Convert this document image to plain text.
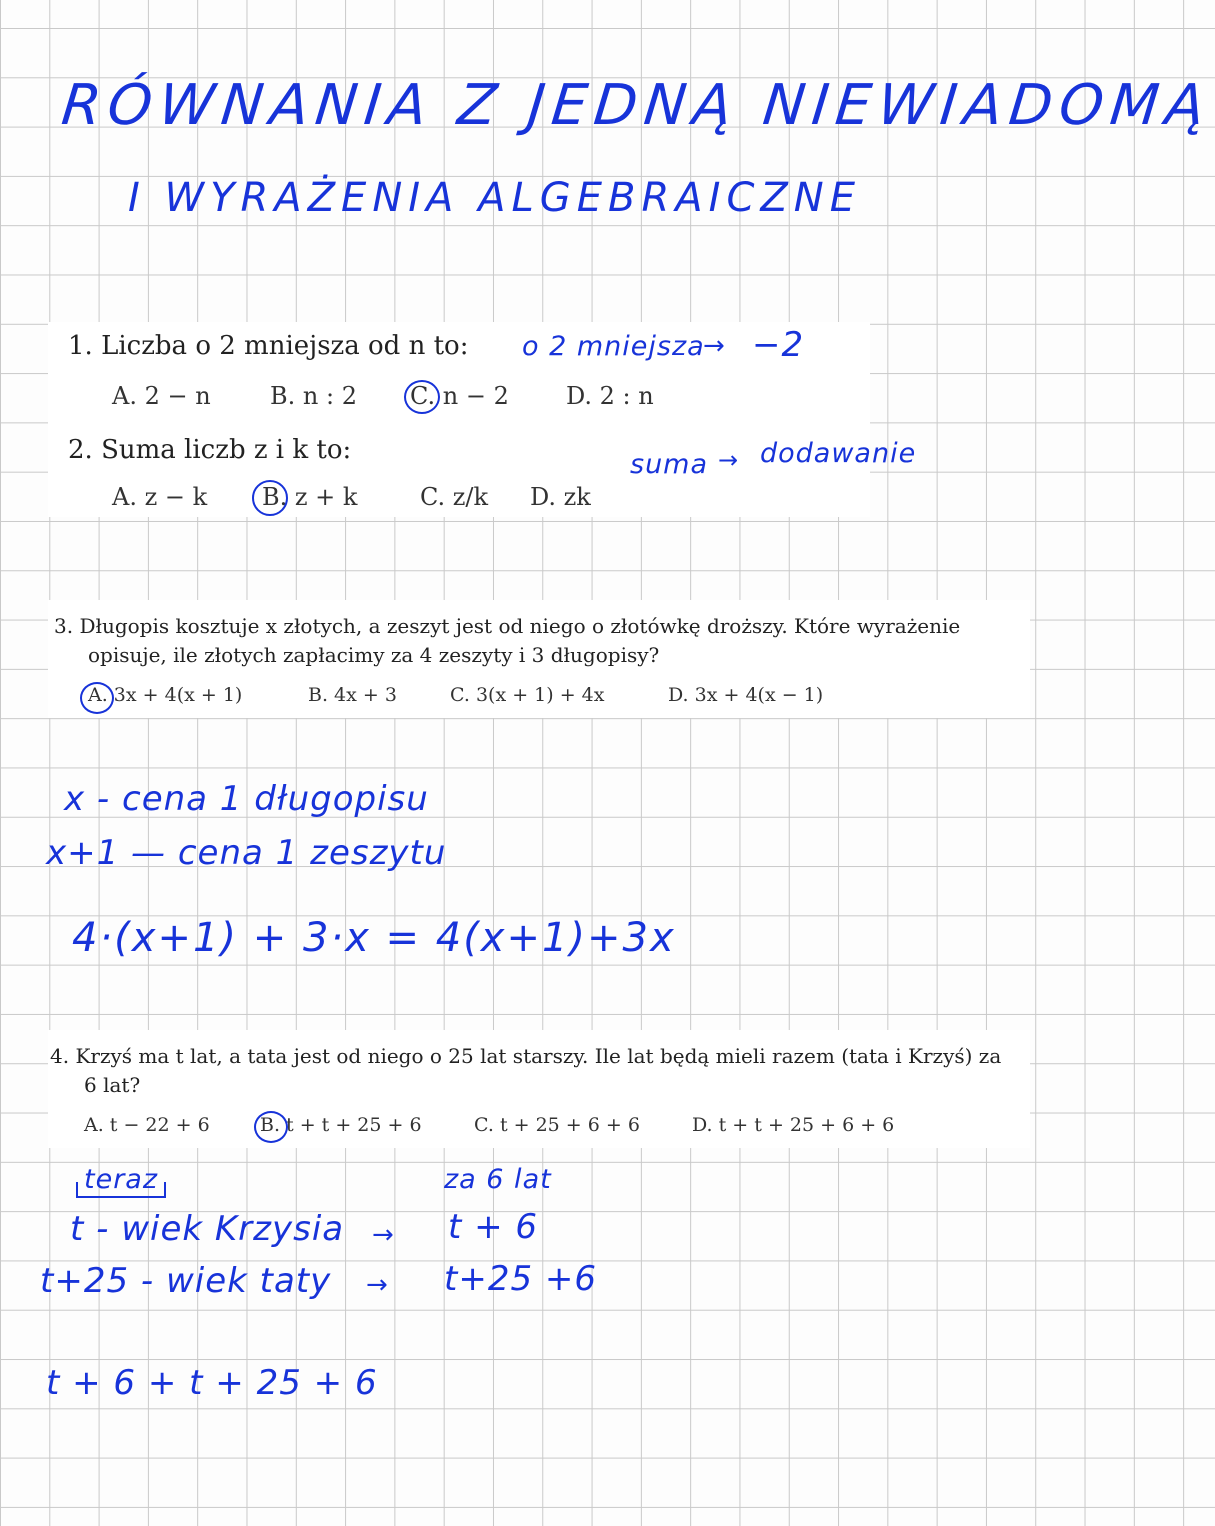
RÓWNANIA Z JEDNĄ NIEWIADOMĄ
I WYRAŻENIA ALGEBRAICZNE
1. Liczba o 2 mniejsza od n to:
A. 2 − n B. n : 2 C. n − 2 D. 2 : n
o 2 mniejsza
→ −2
2. Suma liczb z i k to:
A. z − k B. z + k	C. z/k D. zk
suma → dodawanie
3. Długopis kosztuje x złotych, a zeszyt jest od niego o złotówkę droższy. Które wyrażenie
opisuje, ile złotych zapłacimy za 4 zeszyty i 3 długopisy?
A. 3x + 4(x + 1)	B. 4x + 3	C. 3(x + 1) + 4x	D. 3x + 4(x − 1)
x - cena 1 długopisu
x+1 — cena 1 zeszytu
4·(x+1) + 3·x = 4(x+1)+3x
4. Krzyś ma t lat, a tata jest od niego o 25 lat starszy. Ile lat będą mieli razem (tata i Krzyś) za
6 lat?
A. t − 22 + 6	B. t + t + 25 + 6	C. t + 25 + 6 + 6	D. t + t + 25 + 6 + 6
teraz	za 6 lat
t - wiek Krzysia → t + 6
t+25 - wiek taty → t+25 +6
t + 6 + t + 25 + 6
